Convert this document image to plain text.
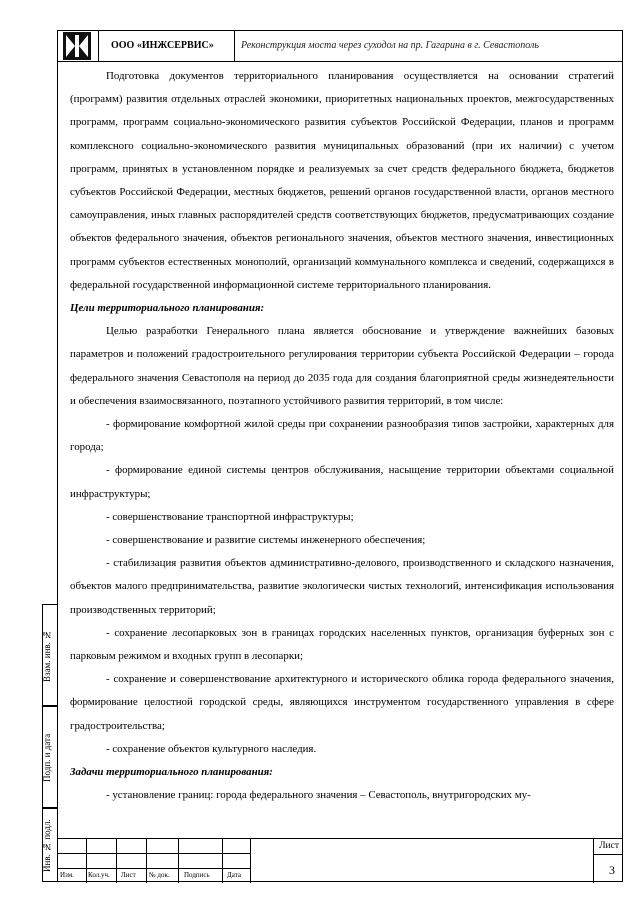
ООО «ИНЖСЕРВИС»	Реконструкция моста через суходол на пр. Гагарина в г. Севастополь

Подготовка документов территориального планирования осуществляется на основании стратегий (программ) развития отдельных отраслей экономики, приоритетных национальных проектов, межгосударственных программ, программ социально-экономического развития субъектов Российской Федерации, планов и программ комплексного социально-экономического развития муниципальных образований (при их наличии) с учетом программ, принятых в установленном порядке и реализуемых за счет средств федерального бюджета, бюджетов субъектов Российской Федерации, местных бюджетов, решений органов государственной власти, органов местного самоуправления, иных главных распорядителей средств соответствующих бюджетов, предусматривающих создание объектов федерального значения, объектов регионального значения, объектов местного значения, инвестиционных программ субъектов естественных монополий, организаций коммунального комплекса и сведений, содержащихся в федеральной государственной информационной системе территориального планирования.

Цели территориального планирования:

Целью разработки Генерального плана является обоснование и утверждение важнейших базовых параметров и положений градостроительного регулирования территории субъекта Российской Федерации – города федерального значения Севастополя на период до 2035 года для создания благоприятной среды жизнедеятельности и обеспечения взаимосвязанного, поэтапного устойчивого развития территорий, в том числе:

- формирование комфортной жилой среды при сохранении разнообразия типов застройки, характерных для города;

- формирование единой системы центров обслуживания, насыщение территории объектами социальной инфраструктуры;

- совершенствование транспортной инфраструктуры;

- совершенствование и развитие системы инженерного обеспечения;

- стабилизация развития объектов административно-делового, производственного и складского назначения, объектов малого предпринимательства, развитие экологически чистых технологий, интенсификация использования производственных территорий;

- сохранение лесопарковых зон в границах городских населенных пунктов, организация буферных зон с парковым режимом и входных групп в лесопарки;

- сохранение и совершенствование архитектурного и исторического облика города федерального значения, формирование целостной городской среды, являющихся инструментом государственного управления в сфере градостроительства;

- сохранение объектов культурного наследия.

Задачи территориального планирования:

- установление границ: города федерального значения – Севастополь, внутригородских му-

Взам. инв. №
Подп. и дата
Инв. № подл.
Изм. Кол.уч. Лист № док. Подпись Дата
Лист
3
